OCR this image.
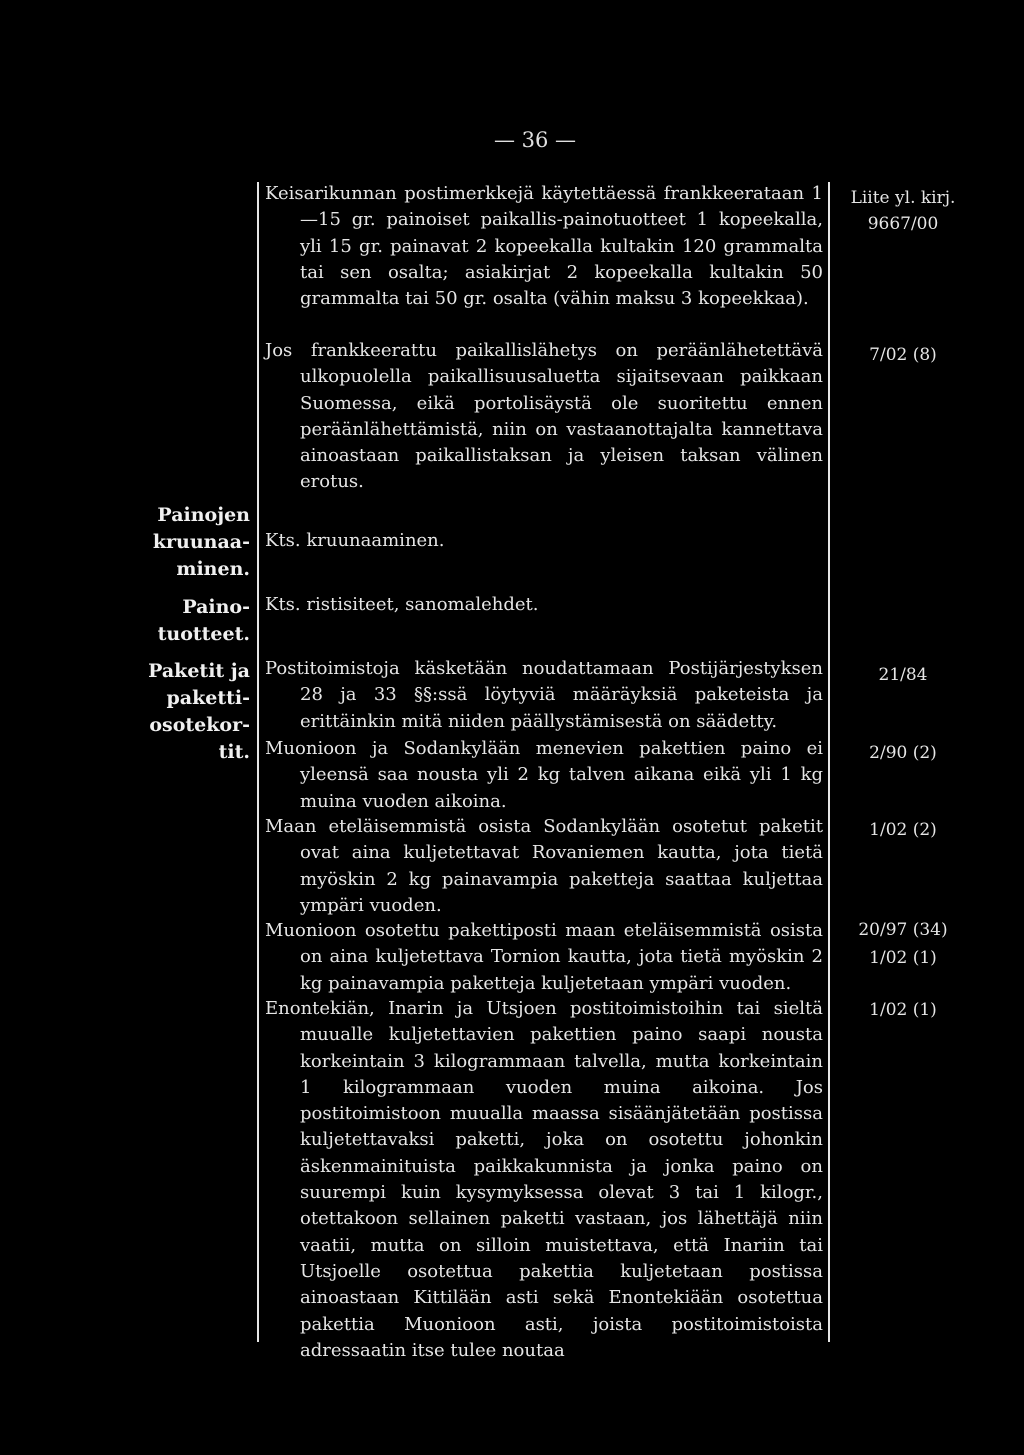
— 36 —
Painojen kruunaa- minen.
Paino- tuotteet.
Paketit ja paketti- osotekor- tit.

Keisarikunnan postimerkkejä käytettäessä frankkeerataan 1—15 gr. painoiset paikallis-painotuotteet 1 kopeekalla, yli 15 gr. painavat 2 kopeekalla kultakin 120 grammalta tai sen osalta; asiakirjat 2 kopeekalla kultakin 50 grammalta tai 50 gr. osalta (vähin maksu 3 kopeekkaa).

Jos frankkeerattu paikallislähetys on peräänlähetettävä ulkopuolella paikallisuusaluetta sijaitsevaan paikkaan Suomessa, eikä portolisäystä ole suoritettu ennen peräänlähettämistä, niin on vastaanottajalta kannettava ainoastaan paikallistaksan ja yleisen taksan välinen erotus.

Kts. kruunaaminen.

Kts. ristisiteet, sanomalehdet.

Postitoimistoja käsketään noudattamaan Postijärjestyksen 28 ja 33 §§:ssä löytyviä määräyksiä paketeista ja erittäinkin mitä niiden päällystämisestä on säädetty.

Muonioon ja Sodankylään menevien pakettien paino ei yleensä saa nousta yli 2 kg talven aikana eikä yli 1 kg muina vuoden aikoina.

Maan eteläisemmistä osista Sodankylään osotetut paketit ovat aina kuljetettavat Rovaniemen kautta, jota tietä myöskin 2 kg painavampia paketteja saattaa kuljettaa ympäri vuoden.

Muonioon osotettu pakettiposti maan eteläisemmistä osista on aina kuljetettava Tornion kautta, jota tietä myöskin 2 kg painavampia paketteja kuljetetaan ympäri vuoden.

Enontekiän, Inarin ja Utsjoen postitoimistoihin tai sieltä muualle kuljetettavien pakettien paino saapi nousta korkeintain 3 kilogrammaan talvella, mutta korkeintain 1 kilogrammaan vuoden muina aikoina. Jos postitoimistoon muualla maassa sisäänjätetään postissa kuljetettavaksi paketti, joka on osotettu johonkin äskenmainituista paikkakunnista ja jonka paino on suurempi kuin kysymyksessa olevat 3 tai 1 kilogr., otettakoon sellainen paketti vastaan, jos lähettäjä niin vaatii, mutta on silloin muistettava, että Inariin tai Utsjoelle osotettua pakettia kuljetetaan postissa ainoastaan Kittilään asti sekä Enontekiään osotettua pakettia Muonioon asti, joista postitoimistoista adressaatin itse tulee noutaa

Liite yl. kirj.
9667/00
7/02 (8)
21/84
2/90 (2)
1/02 (2)
20/97 (34)
1/02 (1)
1/02 (1)
